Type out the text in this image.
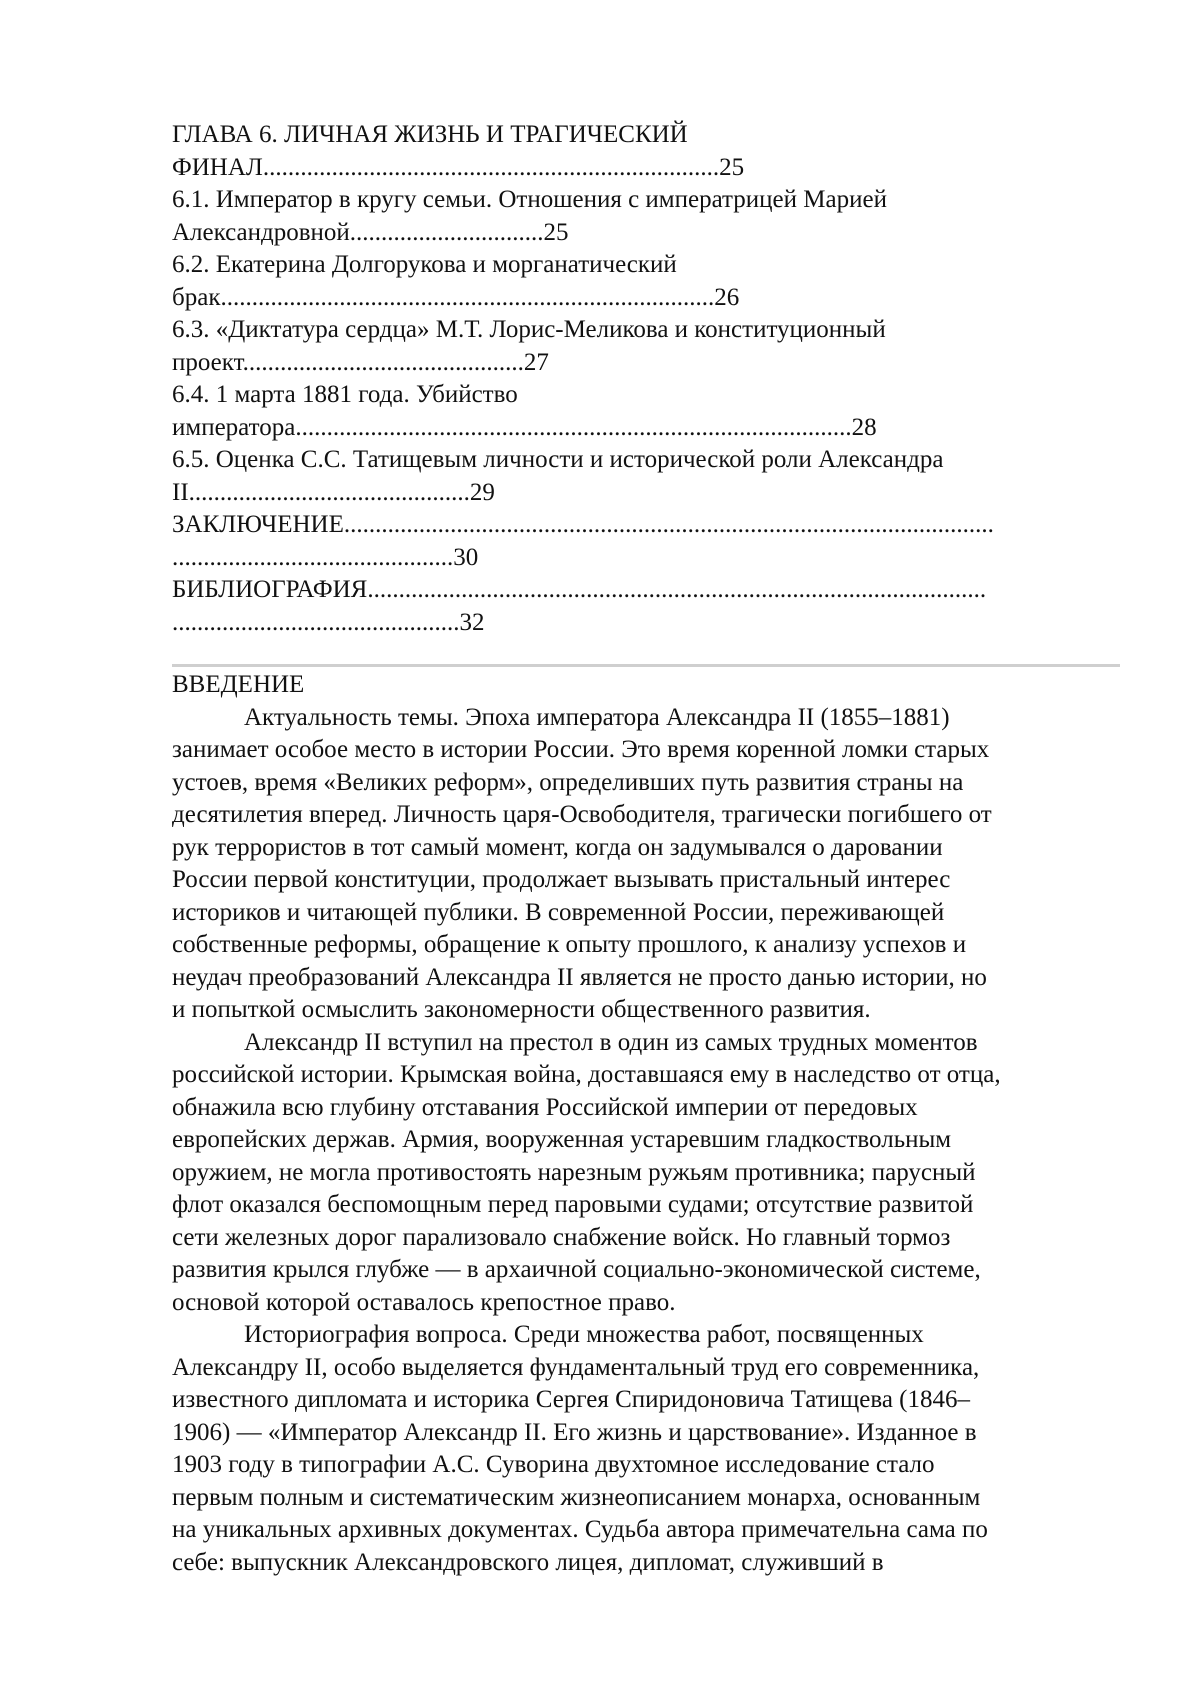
ГЛАВА 6. ЛИЧНАЯ ЖИЗНЬ И ТРАГИЧЕСКИЙ
ФИНАЛ.........................................................................25
6.1. Император в кругу семьи. Отношения с императрицей Марией
Александровной...............................25
6.2. Екатерина Долгорукова и морганатический
брак...............................................................................26
6.3. «Диктатура сердца» М.Т. Лорис-Меликова и конституционный
проект.............................................27
6.4. 1 марта 1881 года. Убийство
императора.........................................................................................28
6.5. Оценка С.С. Татищевым личности и исторической роли Александра
II.............................................29
ЗАКЛЮЧЕНИЕ........................................................................................................
.............................................30
БИБЛИОГРАФИЯ...................................................................................................
..............................................32
ВВЕДЕНИЕ
Актуальность темы. Эпоха императора Александра II (1855–1881)
занимает особое место в истории России. Это время коренной ломки старых
устоев, время «Великих реформ», определивших путь развития страны на
десятилетия вперед. Личность царя-Освободителя, трагически погибшего от
рук террористов в тот самый момент, когда он задумывался о даровании
России первой конституции, продолжает вызывать пристальный интерес
историков и читающей публики. В современной России, переживающей
собственные реформы, обращение к опыту прошлого, к анализу успехов и
неудач преобразований Александра II является не просто данью истории, но
и попыткой осмыслить закономерности общественного развития.
Александр II вступил на престол в один из самых трудных моментов
российской истории. Крымская война, доставшаяся ему в наследство от отца,
обнажила всю глубину отставания Российской империи от передовых
европейских держав. Армия, вооруженная устаревшим гладкоствольным
оружием, не могла противостоять нарезным ружьям противника; парусный
флот оказался беспомощным перед паровыми судами; отсутствие развитой
сети железных дорог парализовало снабжение войск. Но главный тормоз
развития крылся глубже — в архаичной социально-экономической системе,
основой которой оставалось крепостное право.
Историография вопроса. Среди множества работ, посвященных
Александру II, особо выделяется фундаментальный труд его современника,
известного дипломата и историка Сергея Спиридоновича Татищева (1846–
1906) — «Император Александр II. Его жизнь и царствование». Изданное в
1903 году в типографии А.С. Суворина двухтомное исследование стало
первым полным и систематическим жизнеописанием монарха, основанным
на уникальных архивных документах. Судьба автора примечательна сама по
себе: выпускник Александровского лицея, дипломат, служивший в
